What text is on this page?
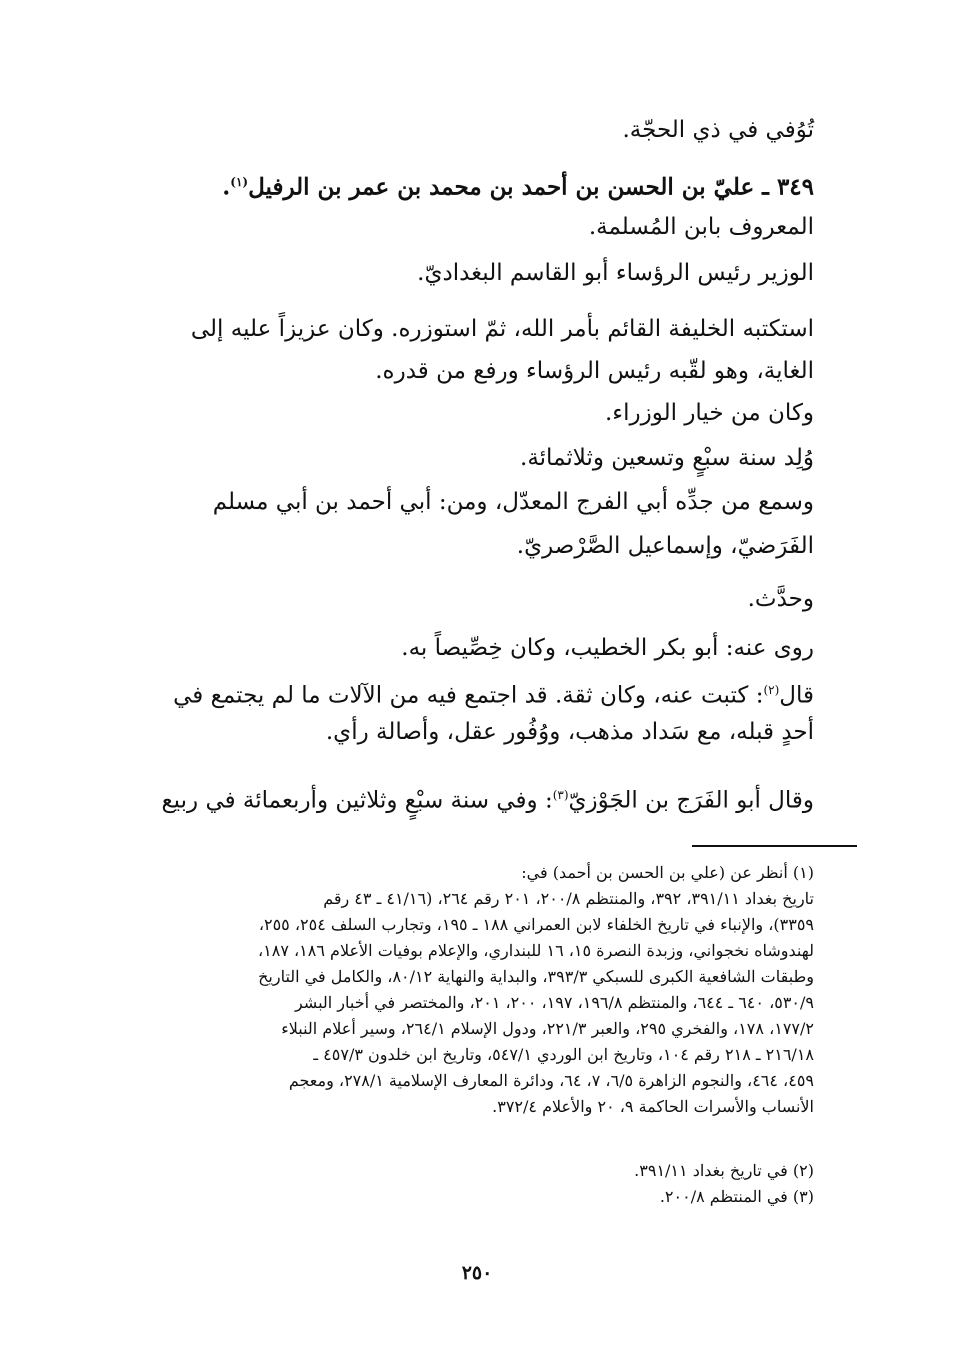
تُوُفي في ذي الحجّة.
٣٤٩ ـ عليّ بن الحسن بن أحمد بن محمد بن عمر بن الرفيل$^{(١)}$.
المعروف بابن المُسلمة.
الوزير رئيس الرؤساء أبو القاسم البغداديّ.
استكتبه الخليفة القائم بأمر الله، ثمّ استوزره. وكان عزيزاً عليه إلى
الغاية، وهو لقّبه رئيس الرؤساء ورفع من قدره.
وكان من خيار الوزراء.
وُلِد سنة سبْعٍ وتسعين وثلاثمائة.
وسمع من جدِّه أبي الفرج المعدّل، ومن: أبي أحمد بن أبي مسلم
الفَرَضيّ، وإسماعيل الصَّرْصريّ.
وحدَّث.
روى عنه: أبو بكر الخطيب، وكان خِصِّيصاً به.
قال$^{(٢)}$: كتبت عنه، وكان ثقة. قد اجتمع فيه من الآلات ما لم يجتمع في
أحدٍ قبله، مع سَداد مذهب، ووُفُور عقل، وأصالة رأي.
وقال أبو الفَرَج بن الجَوْزيّ$^{(٣)}$: وفي سنة سبْعٍ وثلاثين وأربعمائة في ربيع
(١) أنظر عن (علي بن الحسن بن أحمد) في:
تاريخ بغداد ٣٩١/١١، ٣٩٢، والمنتظم ٢٠٠/٨، ٢٠١ رقم ٢٦٤، (٤١/١٦ ـ ٤٣ رقم
٣٣٥٩)، والإنباء في تاريخ الخلفاء لابن العمراني ١٨٨ ـ ١٩٥، وتجارب السلف ٢٥٤، ٢٥٥،
لهندوشاه نخجواني، وزبدة النصرة ١٥، ١٦ للبنداري، والإعلام بوفيات الأعلام ١٨٦، ١٨٧،
وطبقات الشافعية الكبرى للسبكي ٣٩٣/٣، والبداية والنهاية ٨٠/١٢، والكامل في التاريخ
٥٣٠/٩، ٦٤٠ ـ ٦٤٤، والمنتظم ١٩٦/٨، ١٩٧، ٢٠٠، ٢٠١، والمختصر في أخبار البشر
١٧٧/٢، ١٧٨، والفخري ٢٩٥، والعبر ٢٢١/٣، ودول الإسلام ٢٦٤/١، وسير أعلام النبلاء
٢١٦/١٨ ـ ٢١٨ رقم ١٠٤، وتاريخ ابن الوردي ٥٤٧/١، وتاريخ ابن خلدون ٤٥٧/٣ ـ
٤٥٩، ٤٦٤، والنجوم الزاهرة ٦/٥، ٧، ٦٤، ودائرة المعارف الإسلامية ٢٧٨/١، ومعجم
الأنساب والأسرات الحاكمة ٩، ٢٠ والأعلام ٣٧٢/٤.
(٢) في تاريخ بغداد ٣٩١/١١.
(٣) في المنتظم ٢٠٠/٨.
٢٥٠
